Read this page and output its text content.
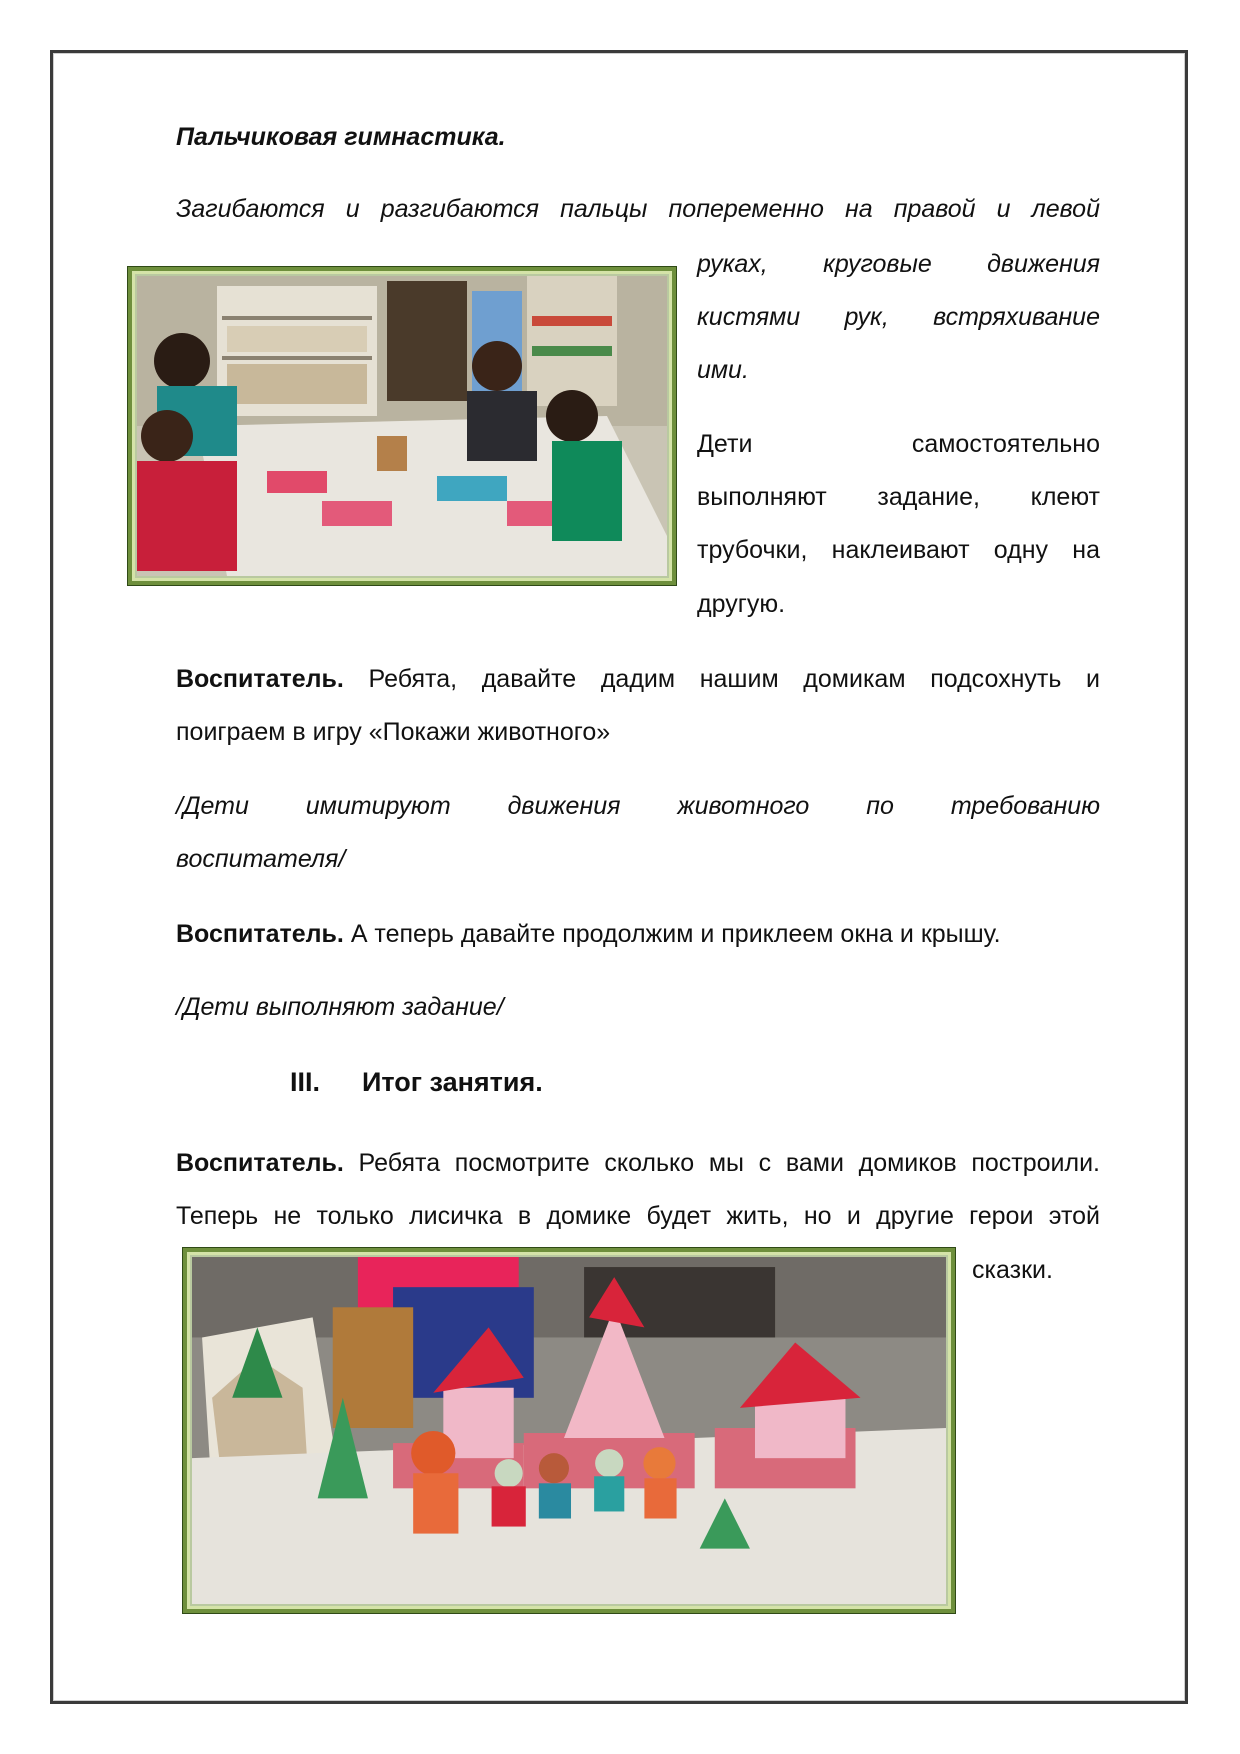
Пальчиковая гимнастика.
Загибаются и разгибаются пальцы попеременно на правой и левой
руках, круговые движения
кистями рук, встряхивание
ими.
Дети самостоятельно
выполняют задание, клеют
трубочки, наклеивают одну на
другую.
Воспитатель. Ребята, давайте дадим нашим домикам подсохнуть и
поиграем в игру «Покажи животного»
/Дети имитируют движения животного по требованию
воспитателя/
Воспитатель. А теперь давайте продолжим и приклеем окна и крышу.
/Дети выполняют задание/
III. Итог занятия.
Воспитатель. Ребята посмотрите сколько мы с вами домиков построили.
Теперь не только лисичка в домике будет жить, но и другие герои этой
сказки.
